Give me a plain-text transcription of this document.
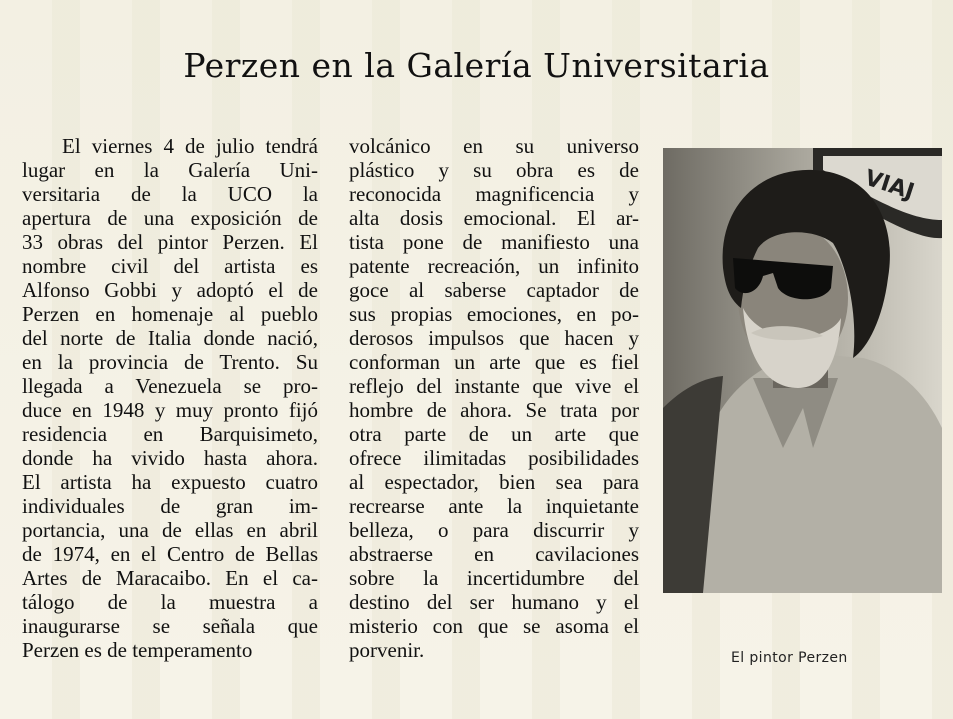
Perzen en la Galería Universitaria
El viernes 4 de julio tendrá
lugar en la Galería Uni-
versitaria de la UCO la
apertura de una exposición de
33 obras del pintor Perzen. El
nombre civil del artista es
Alfonso Gobbi y adoptó el de
Perzen en homenaje al pueblo
del norte de Italia donde nació,
en la provincia de Trento. Su
llegada a Venezuela se pro-
duce en 1948 y muy pronto fijó
residencia en Barquisimeto,
donde ha vivido hasta ahora.
El artista ha expuesto cuatro
individuales de gran im-
portancia, una de ellas en abril
de 1974, en el Centro de Bellas
Artes de Maracaibo. En el ca-
tálogo de la muestra a
inaugurarse se señala que
Perzen es de temperamento
volcánico en su universo
plástico y su obra es de
reconocida magnificencia y
alta dosis emocional. El ar-
tista pone de manifiesto una
patente recreación, un infinito
goce al saberse captador de
sus propias emociones, en po-
derosos impulsos que hacen y
conforman un arte que es fiel
reflejo del instante que vive el
hombre de ahora. Se trata por
otra parte de un arte que
ofrece ilimitadas posibilidades
al espectador, bien sea para
recrearse ante la inquietante
belleza, o para discurrir y
abstraerse en cavilaciones
sobre la incertidumbre del
destino del ser humano y el
misterio con que se asoma el
porvenir.
VIAJ
El pintor Perzen
